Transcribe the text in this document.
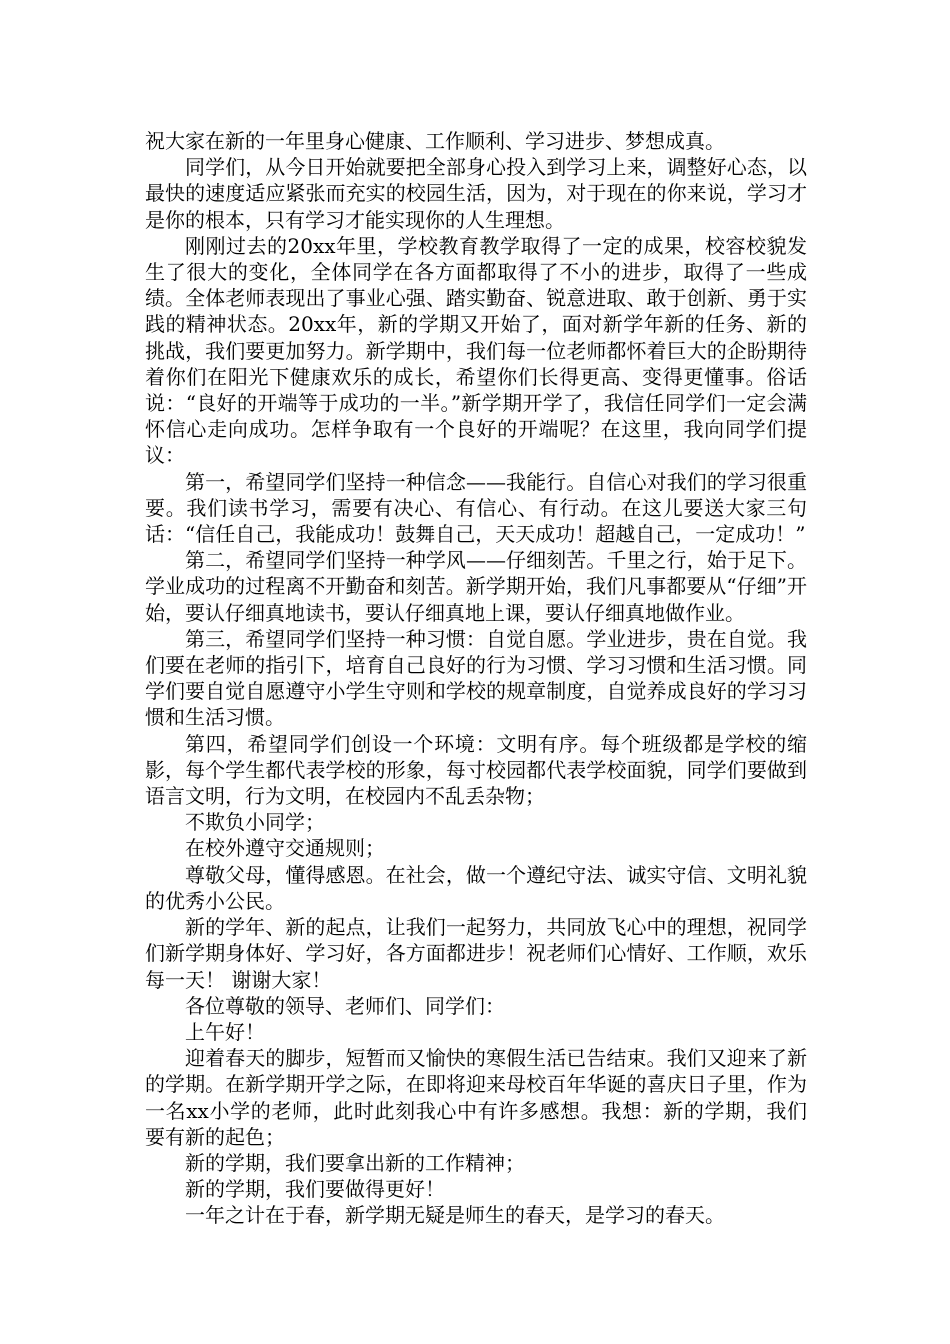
祝大家在新的一年里身心健康、工作顺利、学习进步、梦想成真。

同学们，从今日开始就要把全部身心投入到学习上来，调整好心态，以最快的速度适应紧张而充实的校园生活，因为，对于现在的你来说，学习才是你的根本，只有学习才能实现你的人生理想。

刚刚过去的20xx年里，学校教育教学取得了一定的成果，校容校貌发生了很大的变化，全体同学在各方面都取得了不小的进步，取得了一些成绩。全体老师表现出了事业心强、踏实勤奋、锐意进取、敢于创新、勇于实践的精神状态。20xx年，新的学期又开始了，面对新学年新的任务、新的挑战，我们要更加努力。新学期中，我们每一位老师都怀着巨大的企盼期待着你们在阳光下健康欢乐的成长，希望你们长得更高、变得更懂事。俗话说：“良好的开端等于成功的一半。”新学期开学了，我信任同学们一定会满怀信心走向成功。怎样争取有一个良好的开端呢？在这里，我向同学们提议：

第一，希望同学们坚持一种信念——我能行。自信心对我们的学习很重要。我们读书学习，需要有决心、有信心、有行动。在这儿要送大家三句话：“信任自己，我能成功！鼓舞自己，天天成功！超越自己，一定成功！”

第二，希望同学们坚持一种学风——仔细刻苦。千里之行，始于足下。学业成功的过程离不开勤奋和刻苦。新学期开始，我们凡事都要从“仔细”开始，要认仔细真地读书，要认仔细真地上课，要认仔细真地做作业。

第三，希望同学们坚持一种习惯：自觉自愿。学业进步，贵在自觉。我们要在老师的指引下，培育自己良好的行为习惯、学习习惯和生活习惯。同学们要自觉自愿遵守小学生守则和学校的规章制度，自觉养成良好的学习习惯和生活习惯。

第四，希望同学们创设一个环境：文明有序。每个班级都是学校的缩影，每个学生都代表学校的形象，每寸校园都代表学校面貌，同学们要做到语言文明，行为文明，在校园内不乱丢杂物；

不欺负小同学；

在校外遵守交通规则；

尊敬父母，懂得感恩。在社会，做一个遵纪守法、诚实守信、文明礼貌的优秀小公民。

新的学年、新的起点，让我们一起努力，共同放飞心中的理想，祝同学们新学期身体好、学习好，各方面都进步！祝老师们心情好、工作顺，欢乐每一天！ 谢谢大家！

各位尊敬的领导、老师们、同学们：

上午好！

迎着春天的脚步，短暂而又愉快的寒假生活已告结束。我们又迎来了新的学期。在新学期开学之际，在即将迎来母校百年华诞的喜庆日子里，作为一名xx小学的老师，此时此刻我心中有许多感想。我想：新的学期，我们要有新的起色；

新的学期，我们要拿出新的工作精神；

新的学期，我们要做得更好！

一年之计在于春，新学期无疑是师生的春天，是学习的春天。
